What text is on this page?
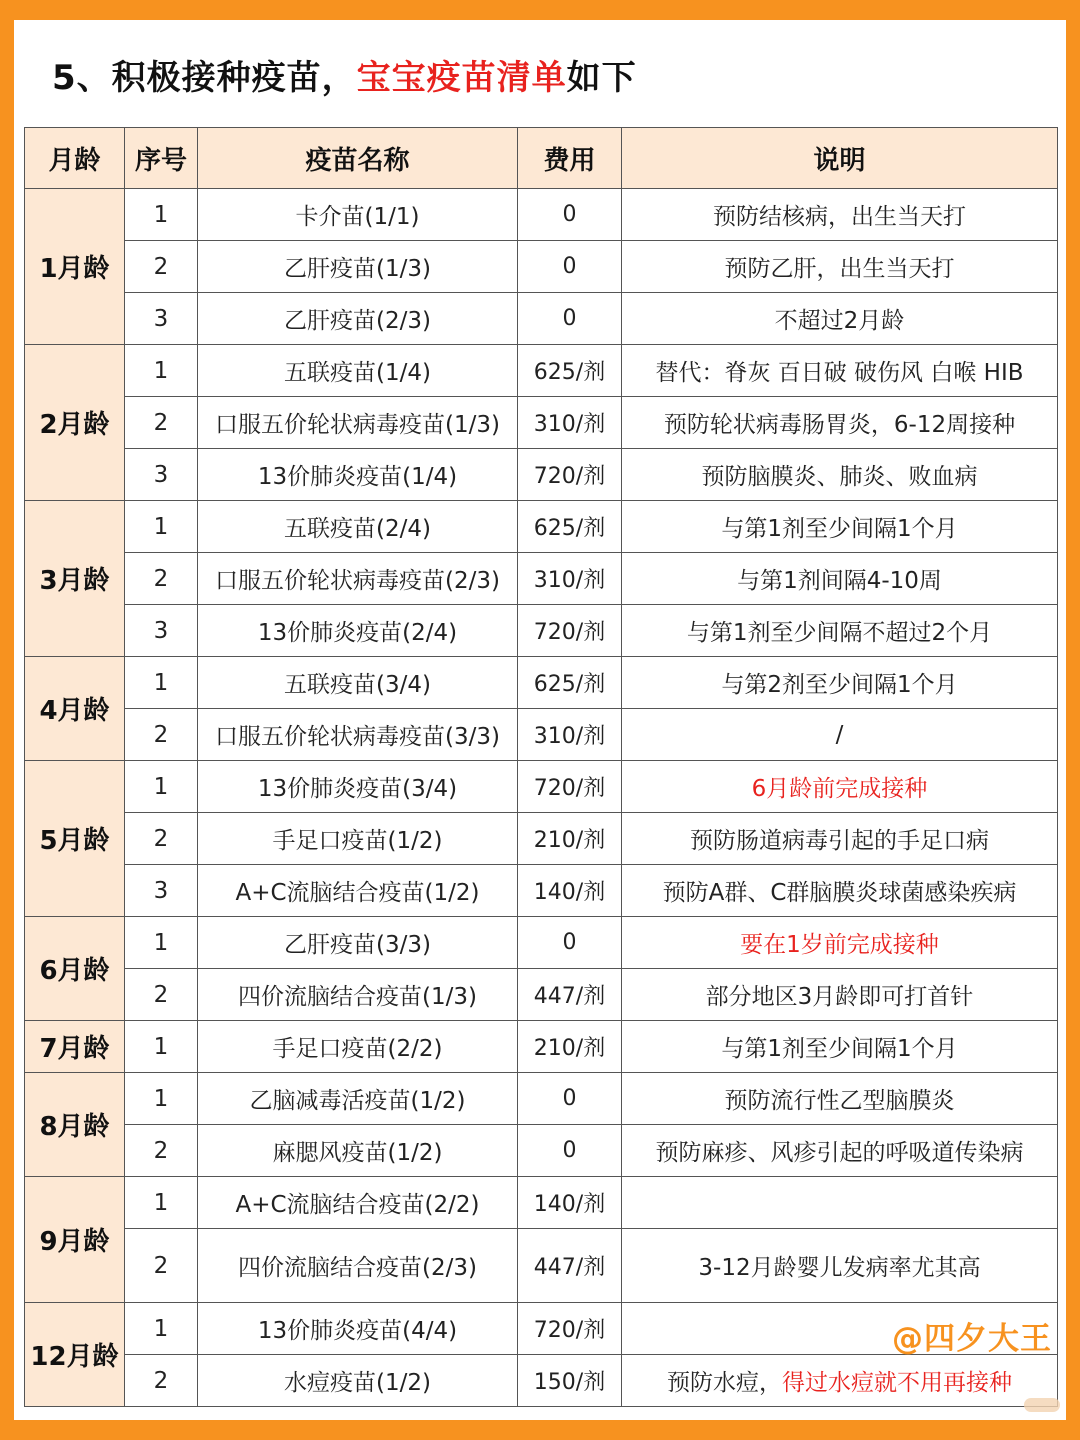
5、积极接种疫苗，宝宝疫苗清单如下
月龄	序号	疫苗名称	费用	说明
1月龄	1	卡介苗(1/1)	0	预防结核病，出生当天打
	2	乙肝疫苗(1/3)	0	预防乙肝，出生当天打
	3	乙肝疫苗(2/3)	0	不超过2月龄
2月龄	1	五联疫苗(1/4)	625/剂	替代：脊灰 百日破 破伤风 白喉 HIB
	2	口服五价轮状病毒疫苗(1/3)	310/剂	预防轮状病毒肠胃炎，6-12周接种
	3	13价肺炎疫苗(1/4)	720/剂	预防脑膜炎、肺炎、败血病
3月龄	1	五联疫苗(2/4)	625/剂	与第1剂至少间隔1个月
	2	口服五价轮状病毒疫苗(2/3)	310/剂	与第1剂间隔4-10周
	3	13价肺炎疫苗(2/4)	720/剂	与第1剂至少间隔不超过2个月
4月龄	1	五联疫苗(3/4)	625/剂	与第2剂至少间隔1个月
	2	口服五价轮状病毒疫苗(3/3)	310/剂	/
5月龄	1	13价肺炎疫苗(3/4)	720/剂	6月龄前完成接种
	2	手足口疫苗(1/2)	210/剂	预防肠道病毒引起的手足口病
	3	A+C流脑结合疫苗(1/2)	140/剂	预防A群、C群脑膜炎球菌感染疾病
6月龄	1	乙肝疫苗(3/3)	0	要在1岁前完成接种
	2	四价流脑结合疫苗(1/3)	447/剂	部分地区3月龄即可打首针
7月龄	1	手足口疫苗(2/2)	210/剂	与第1剂至少间隔1个月
8月龄	1	乙脑减毒活疫苗(1/2)	0	预防流行性乙型脑膜炎
	2	麻腮风疫苗(1/2)	0	预防麻疹、风疹引起的呼吸道传染病
9月龄	1	A+C流脑结合疫苗(2/2)	140/剂	
	2	四价流脑结合疫苗(2/3)	447/剂	3-12月龄婴儿发病率尤其高
12月龄	1	13价肺炎疫苗(4/4)	720/剂	
	2	水痘疫苗(1/2)	150/剂	预防水痘，得过水痘就不用再接种
@四夕大王
